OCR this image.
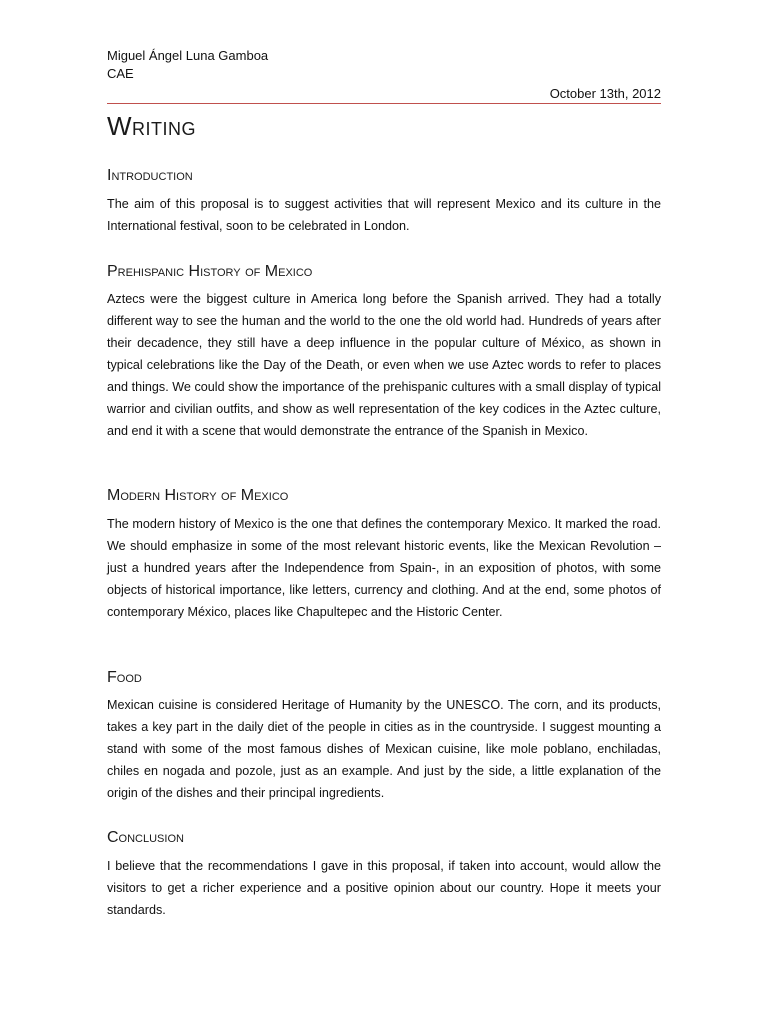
Miguel Ángel Luna Gamboa
CAE
October 13th, 2012
Writing
Introduction
The aim of this proposal is to suggest activities that will represent Mexico and its culture in the International festival, soon to be celebrated in London.
Prehispanic History of Mexico
Aztecs were the biggest culture in America long before the Spanish arrived. They had a totally different way to see the human and the world to the one the old world had. Hundreds of years after their decadence, they still have a deep influence in the popular culture of México, as shown in typical celebrations like the Day of the Death, or even when we use Aztec words to refer to places and things. We could show the importance of the prehispanic cultures with a small display of typical warrior and civilian outfits, and show as well representation of the key codices in the Aztec culture, and end it with a scene that would demonstrate the entrance of the Spanish in Mexico.
Modern History of Mexico
The modern history of Mexico is the one that defines the contemporary Mexico. It marked the road. We should emphasize in some of the most relevant historic events, like the Mexican Revolution –just a hundred years after the Independence from Spain-, in an exposition of photos, with some objects of historical importance, like letters, currency and clothing. And at the end, some photos of contemporary México, places like Chapultepec and the Historic Center.
Food
Mexican cuisine is considered Heritage of Humanity by the UNESCO. The corn, and its products, takes a key part in the daily diet of the people in cities as in the countryside. I suggest mounting a stand with some of the most famous dishes of Mexican cuisine, like mole poblano, enchiladas, chiles en nogada and pozole, just as an example. And just by the side, a little explanation of the origin of the dishes and their principal ingredients.
Conclusion
I believe that the recommendations I gave in this proposal, if taken into account, would allow the visitors to get a richer experience and a positive opinion about our country. Hope it meets your standards.
